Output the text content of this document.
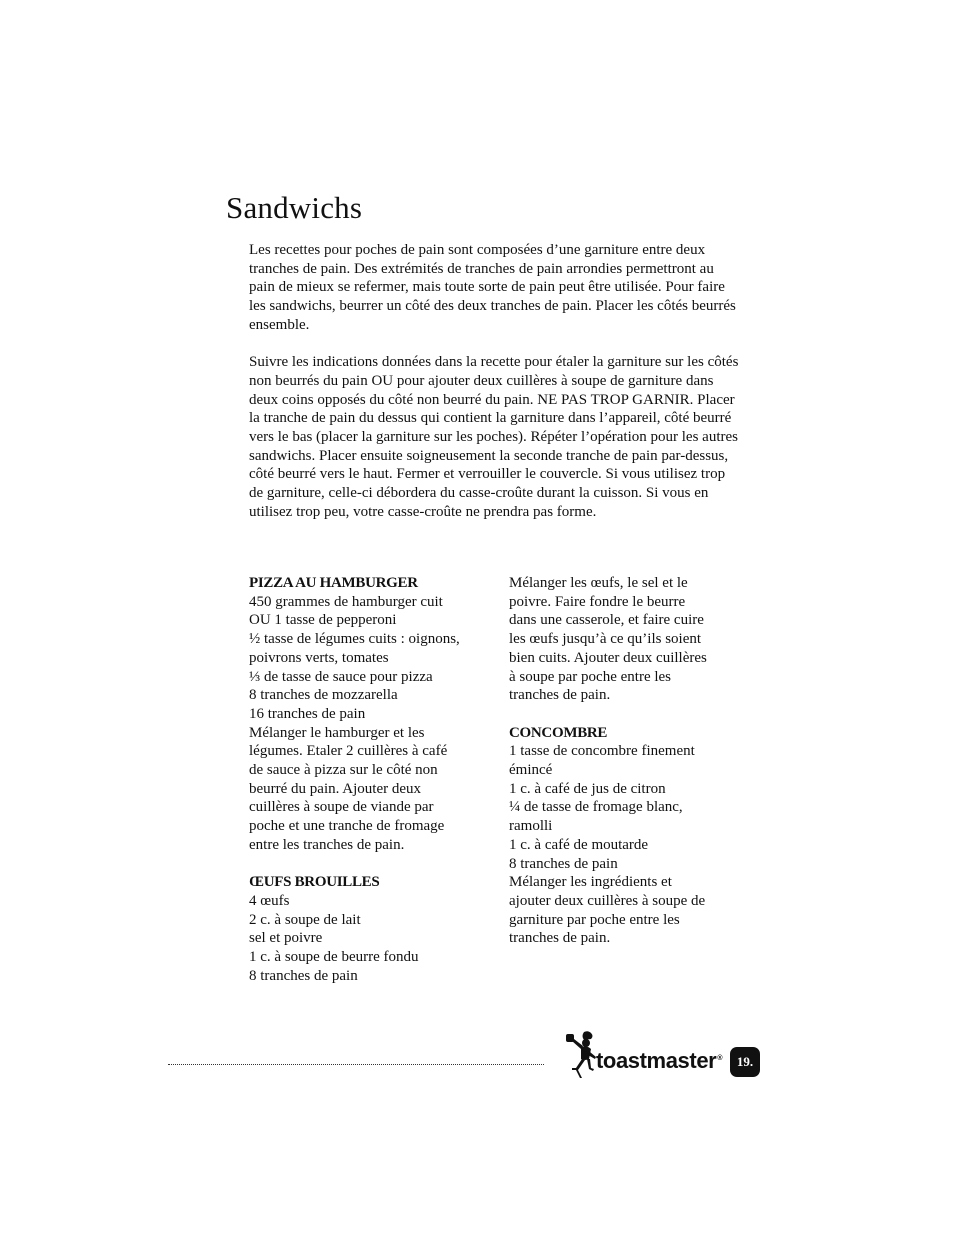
Sandwichs

Les recettes pour poches de pain sont composées d’une garniture entre deux tranches de pain. Des extrémités de tranches de pain arrondies permettront au pain de mieux se refermer, mais toute sorte de pain peut être utilisée. Pour faire les sandwichs, beurrer un côté des deux tranches de pain. Placer les côtés beurrés ensemble.

Suivre les indications données dans la recette pour étaler la garniture sur les côtés non beurrés du pain OU pour ajouter deux cuillères à soupe de garniture dans deux coins opposés du côté non beurré du pain. NE PAS TROP GARNIR. Placer la tranche de pain du dessus qui contient la garniture dans l’appareil, côté beurré vers le bas (placer la garniture sur les poches). Répéter l’opération pour les autres sandwichs. Placer ensuite soigneusement la seconde tranche de pain par-dessus, côté beurré vers le haut. Fermer et verrouiller le couvercle. Si vous utilisez trop de garniture, celle-ci débordera du casse-croûte durant la cuisson. Si vous en utilisez trop peu, votre casse-croûte ne prendra pas forme.

PIZZA AU HAMBURGER
450 grammes de hamburger cuit
OU 1 tasse de pepperoni
½ tasse de légumes cuits : oignons,
poivrons verts, tomates
⅓ de tasse de sauce pour pizza
8 tranches de mozzarella
16 tranches de pain
Mélanger le hamburger et les
légumes. Etaler 2 cuillères à café
de sauce à pizza sur le côté non
beurré du pain. Ajouter deux
cuillères à soupe de viande par
poche et une tranche de fromage
entre les tranches de pain.
ŒUFS BROUILLES
4 œufs
2 c. à soupe de lait
sel et poivre
1 c. à soupe de beurre fondu
8 tranches de pain
Mélanger les œufs, le sel et le
poivre. Faire fondre le beurre
dans une casserole, et faire cuire
les œufs jusqu’à ce qu’ils soient
bien cuits. Ajouter deux cuillères
à soupe par poche entre les
tranches de pain.
CONCOMBRE
1 tasse de concombre finement
émincé
1 c. à café de jus de citron
¼ de tasse de fromage blanc,
ramolli
1 c. à café de moutarde
8 tranches de pain
Mélanger les ingrédients et
ajouter deux cuillères à soupe de
garniture par poche entre les
tranches de pain.
toastmaster®	19.
